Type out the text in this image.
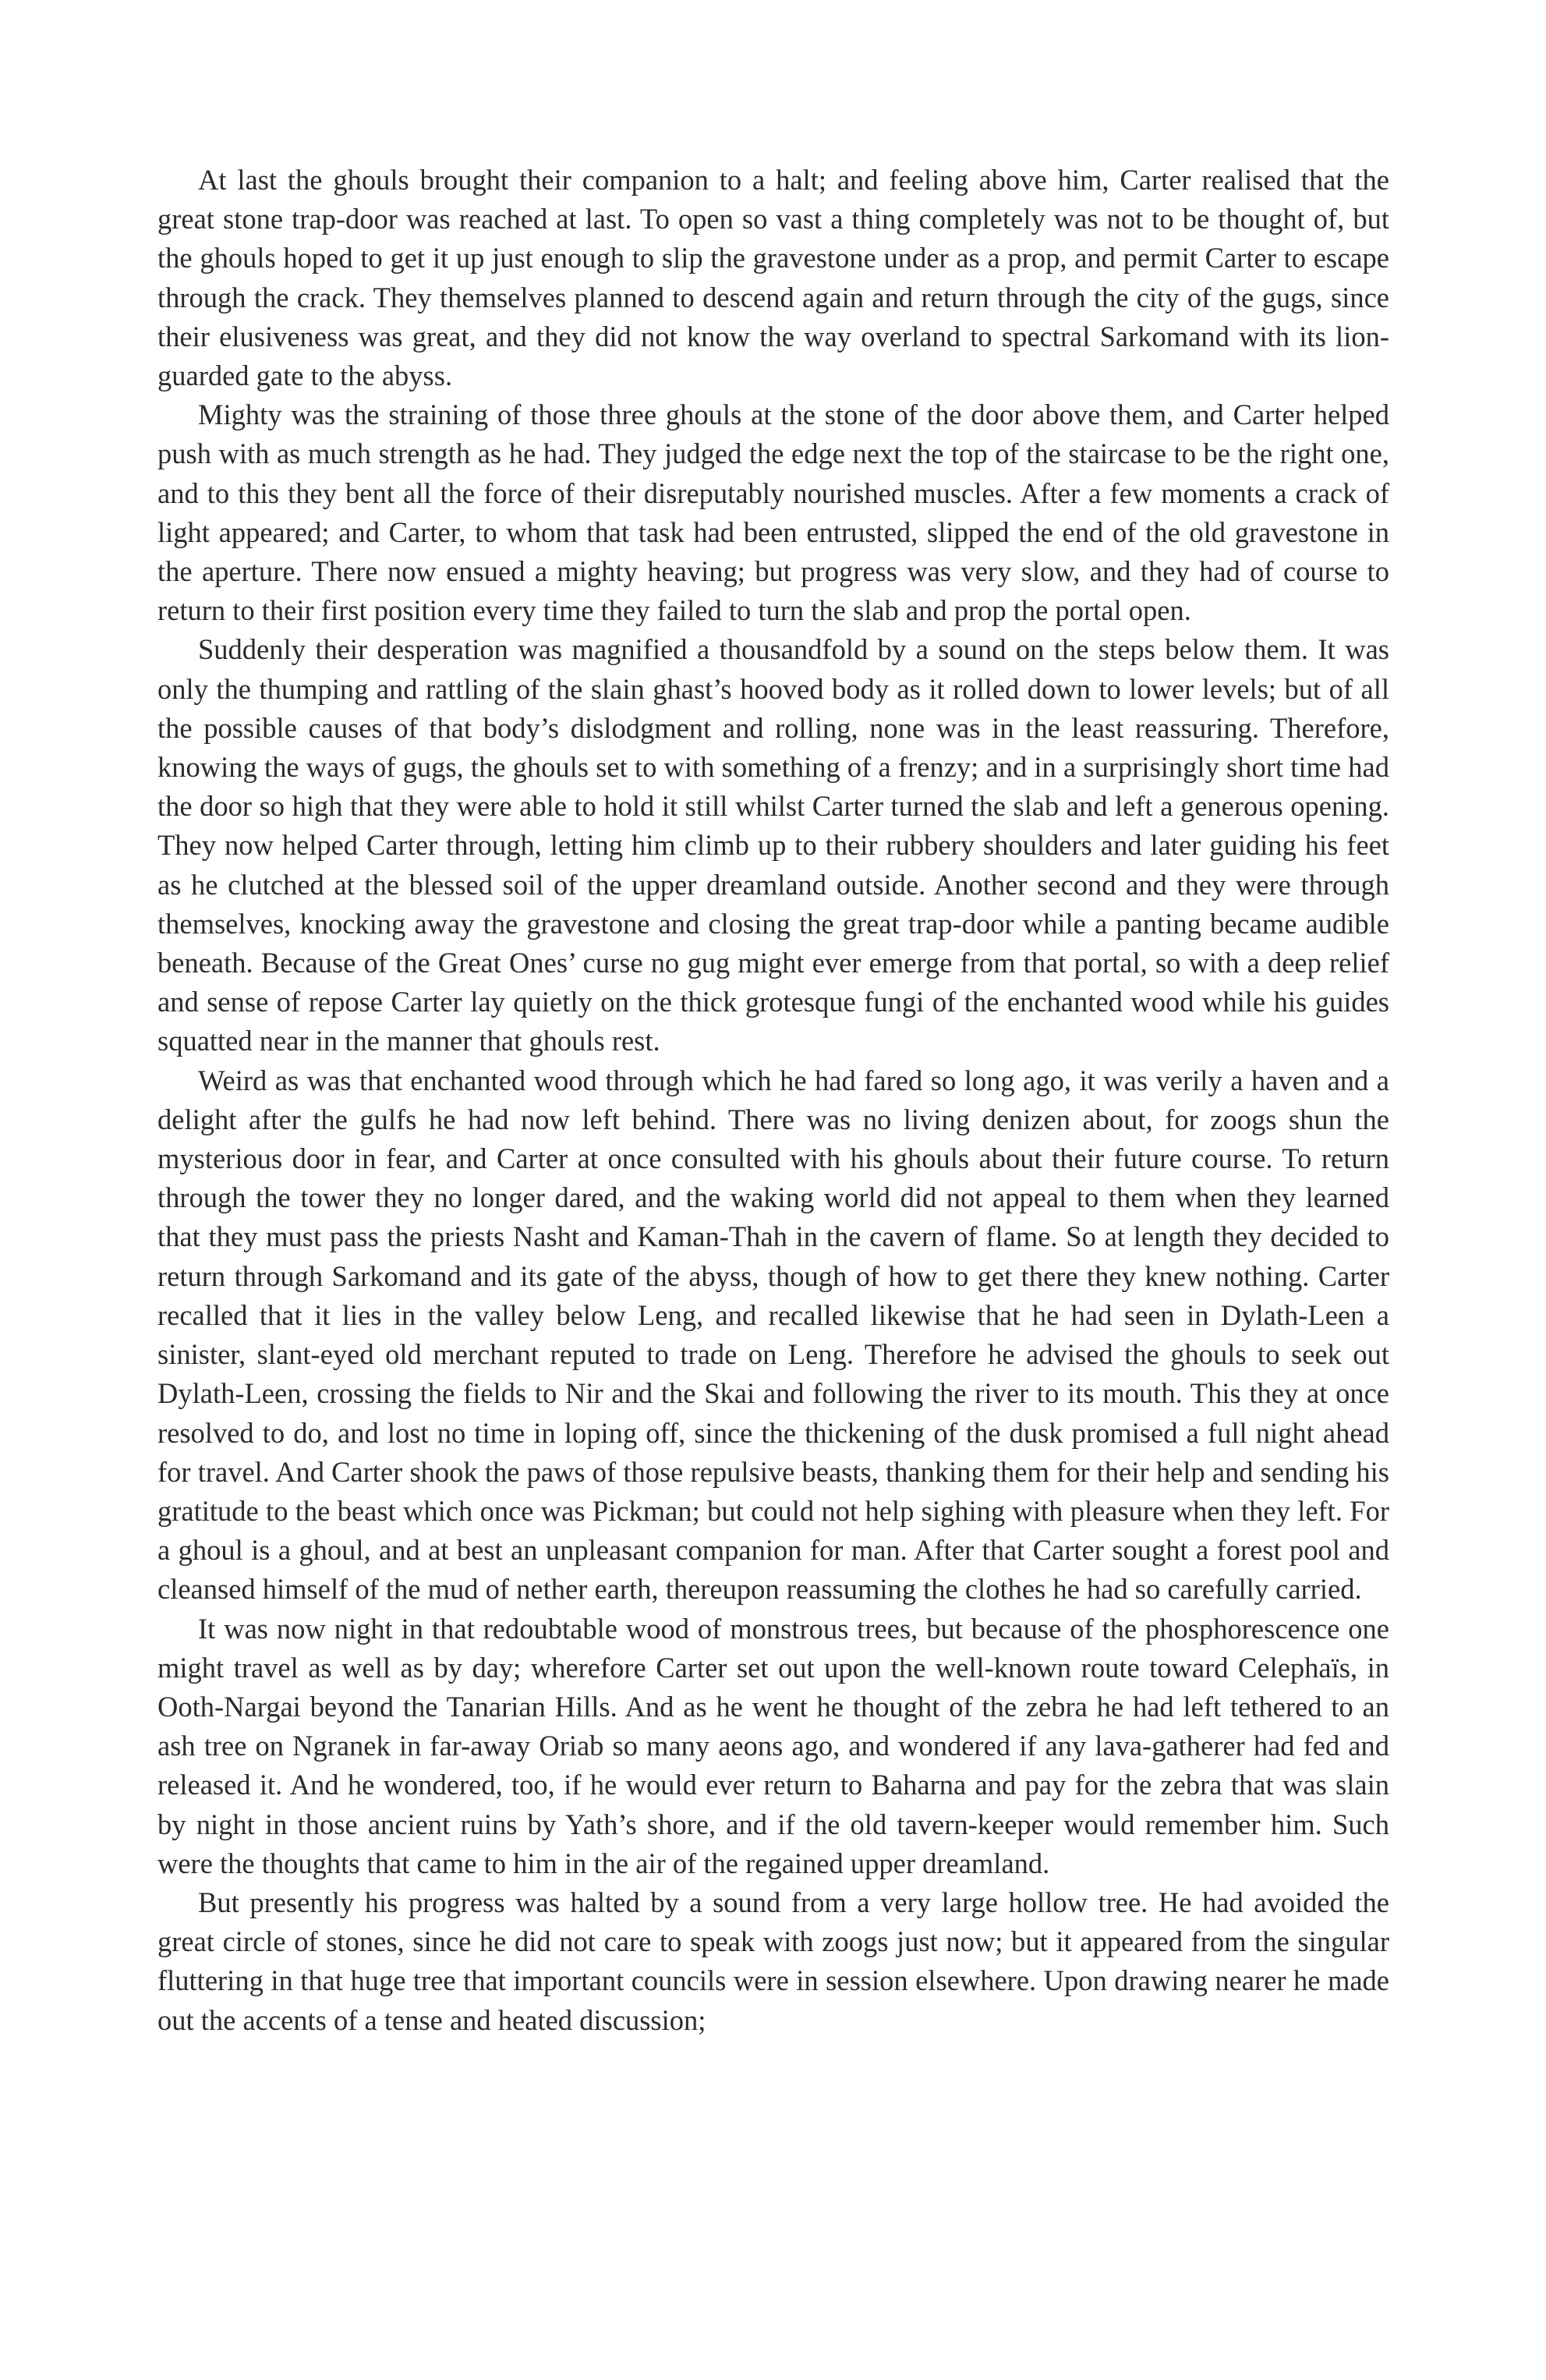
At last the ghouls brought their companion to a halt; and feeling above him, Carter realised that the great stone trap-door was reached at last. To open so vast a thing completely was not to be thought of, but the ghouls hoped to get it up just enough to slip the gravestone under as a prop, and permit Carter to escape through the crack. They themselves planned to descend again and return through the city of the gugs, since their elusiveness was great, and they did not know the way overland to spectral Sarkomand with its lion-guarded gate to the abyss.

Mighty was the straining of those three ghouls at the stone of the door above them, and Carter helped push with as much strength as he had. They judged the edge next the top of the staircase to be the right one, and to this they bent all the force of their disreputably nourished muscles. After a few moments a crack of light appeared; and Carter, to whom that task had been entrusted, slipped the end of the old gravestone in the aperture. There now ensued a mighty heaving; but progress was very slow, and they had of course to return to their first position every time they failed to turn the slab and prop the portal open.

Suddenly their desperation was magnified a thousandfold by a sound on the steps below them. It was only the thumping and rattling of the slain ghast’s hooved body as it rolled down to lower levels; but of all the possible causes of that body’s dislodgment and rolling, none was in the least reassuring. Therefore, knowing the ways of gugs, the ghouls set to with something of a frenzy; and in a surprisingly short time had the door so high that they were able to hold it still whilst Carter turned the slab and left a generous opening. They now helped Carter through, letting him climb up to their rubbery shoulders and later guiding his feet as he clutched at the blessed soil of the upper dreamland outside. Another second and they were through themselves, knocking away the gravestone and closing the great trap-door while a panting became audible beneath. Because of the Great Ones’ curse no gug might ever emerge from that portal, so with a deep relief and sense of repose Carter lay quietly on the thick grotesque fungi of the enchanted wood while his guides squatted near in the manner that ghouls rest.

Weird as was that enchanted wood through which he had fared so long ago, it was verily a haven and a delight after the gulfs he had now left behind. There was no living denizen about, for zoogs shun the mysterious door in fear, and Carter at once consulted with his ghouls about their future course. To return through the tower they no longer dared, and the waking world did not appeal to them when they learned that they must pass the priests Nasht and Kaman-Thah in the cavern of flame. So at length they decided to return through Sarkomand and its gate of the abyss, though of how to get there they knew nothing. Carter recalled that it lies in the valley below Leng, and recalled likewise that he had seen in Dylath-Leen a sinister, slant-eyed old merchant reputed to trade on Leng. Therefore he advised the ghouls to seek out Dylath-Leen, crossing the fields to Nir and the Skai and following the river to its mouth. This they at once resolved to do, and lost no time in loping off, since the thickening of the dusk promised a full night ahead for travel. And Carter shook the paws of those repulsive beasts, thanking them for their help and sending his gratitude to the beast which once was Pickman; but could not help sighing with pleasure when they left. For a ghoul is a ghoul, and at best an unpleasant companion for man. After that Carter sought a forest pool and cleansed himself of the mud of nether earth, thereupon reassuming the clothes he had so carefully carried.

It was now night in that redoubtable wood of monstrous trees, but because of the phosphorescence one might travel as well as by day; wherefore Carter set out upon the well-known route toward Celephaïs, in Ooth-Nargai beyond the Tanarian Hills. And as he went he thought of the zebra he had left tethered to an ash tree on Ngranek in far-away Oriab so many aeons ago, and wondered if any lava-gatherer had fed and released it. And he wondered, too, if he would ever return to Baharna and pay for the zebra that was slain by night in those ancient ruins by Yath’s shore, and if the old tavern-keeper would remember him. Such were the thoughts that came to him in the air of the regained upper dreamland.

But presently his progress was halted by a sound from a very large hollow tree. He had avoided the great circle of stones, since he did not care to speak with zoogs just now; but it appeared from the singular fluttering in that huge tree that important councils were in session elsewhere. Upon drawing nearer he made out the accents of a tense and heated discussion;
